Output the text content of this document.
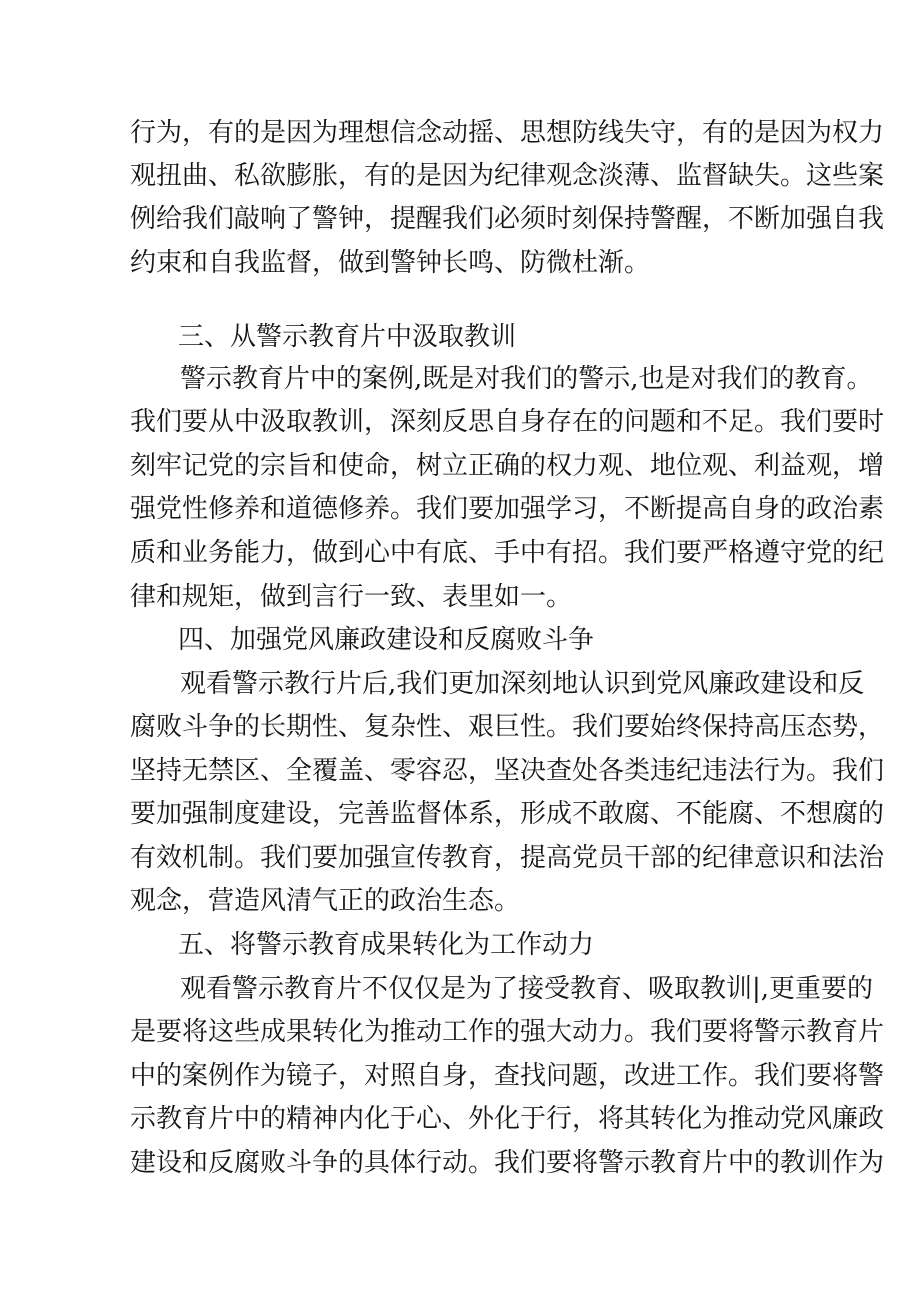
行为，有的是因为理想信念动摇、思想防线失守，有的是因为权力
观扭曲、私欲膨胀，有的是因为纪律观念淡薄、监督缺失。这些案
例给我们敲响了警钟，提醒我们必须时刻保持警醒，不断加强自我
约束和自我监督，做到警钟长鸣、防微杜渐。
三、从警示教育片中汲取教训
警示教育片中的案例,既是对我们的警示,也是对我们的教育。
我们要从中汲取教训，深刻反思自身存在的问题和不足。我们要时
刻牢记党的宗旨和使命，树立正确的权力观、地位观、利益观，增
强党性修养和道德修养。我们要加强学习，不断提高自身的政治素
质和业务能力，做到心中有底、手中有招。我们要严格遵守党的纪
律和规矩，做到言行一致、表里如一。
四、加强党风廉政建设和反腐败斗争
观看警示教行片后,我们更加深刻地认识到党风廉政建设和反
腐败斗争的长期性、复杂性、艰巨性。我们要始终保持高压态势，
坚持无禁区、全覆盖、零容忍，坚决查处各类违纪违法行为。我们
要加强制度建设，完善监督体系，形成不敢腐、不能腐、不想腐的
有效机制。我们要加强宣传教育，提高党员干部的纪律意识和法治
观念，营造风清气正的政治生态。
五、将警示教育成果转化为工作动力
观看警示教育片不仅仅是为了接受教育、吸取教训|,更重要的
是要将这些成果转化为推动工作的强大动力。我们要将警示教育片
中的案例作为镜子，对照自身，查找问题，改进工作。我们要将警
示教育片中的精神内化于心、外化于行，将其转化为推动党风廉政
建设和反腐败斗争的具体行动。我们要将警示教育片中的教训作为
